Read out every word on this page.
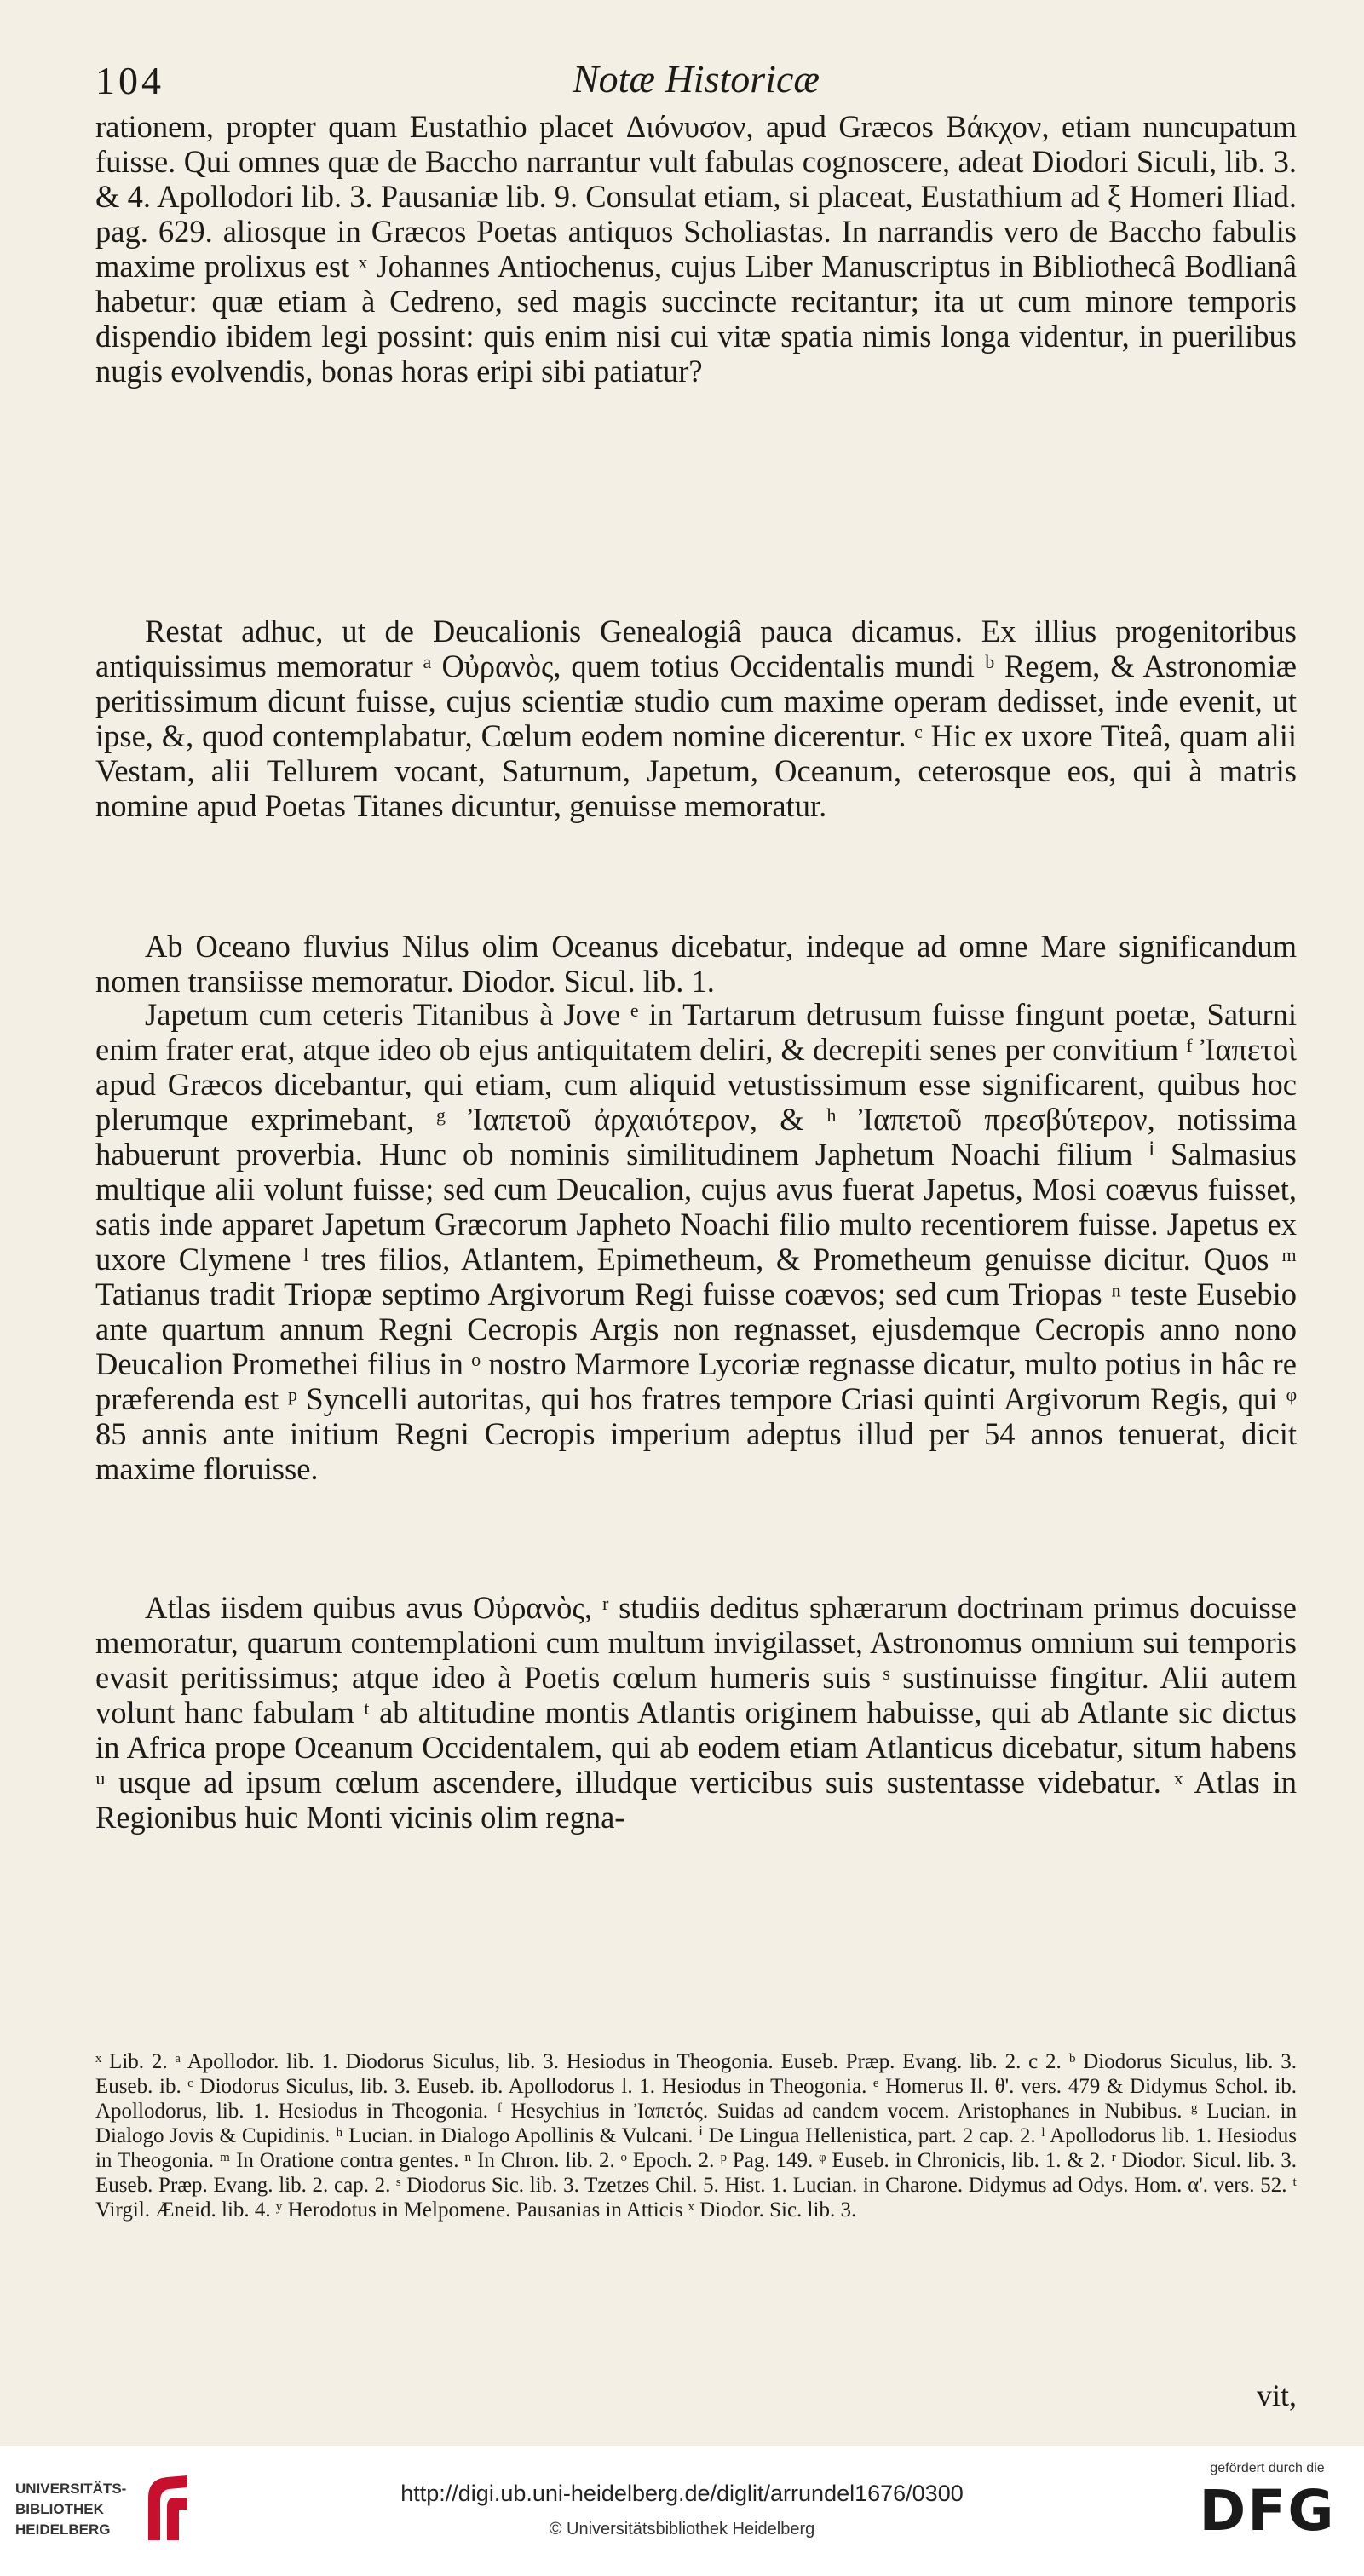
104	Notæ Historicæ

rationem, propter quam Eustathio placet Διόνυσον, apud Græcos Βάκχον, etiam nuncupatum fuisse. Qui omnes quæ de Baccho narrantur vult fabulas cognoscere, adeat Diodori Siculi, lib. 3. & 4. Apollodori lib. 3. Pausaniæ lib. 9. Consulat etiam, si placeat, Eustathium ad ξ Homeri Iliad. pag. 629. aliosque in Græcos Poetas antiquos Scholiastas. In narrandis vero de Baccho fabulis maxime prolixus est ˣ Johannes Antiochenus, cujus Liber Manuscriptus in Bibliothecâ Bodlianâ habetur: quæ etiam à Cedreno, sed magis succincte recitantur; ita ut cum minore temporis dispendio ibidem legi possint: quis enim nisi cui vitæ spatia nimis longa videntur, in puerilibus nugis evolvendis, bonas horas eripi sibi patiatur?

Restat adhuc, ut de Deucalionis Genealogiâ pauca dicamus. Ex illius progenitoribus antiquissimus memoratur ᵃ Οὐρανὸς, quem totius Occidentalis mundi ᵇ Regem, & Astronomiæ peritissimum dicunt fuisse, cujus scientiæ studio cum maxime operam dedisset, inde evenit, ut ipse, &, quod contemplabatur, Cœlum eodem nomine dicerentur. ᶜ Hic ex uxore Titeâ, quam alii Vestam, alii Tellurem vocant, Saturnum, Japetum, Oceanum, ceterosque eos, qui à matris nomine apud Poetas Titanes dicuntur, genuisse memoratur.

Ab Oceano fluvius Nilus olim Oceanus dicebatur, indeque ad omne Mare significandum nomen transiisse memoratur. Diodor. Sicul. lib. 1.

Japetum cum ceteris Titanibus à Jove ᵉ in Tartarum detrusum fuisse fingunt poetæ, Saturni enim frater erat, atque ideo ob ejus antiquitatem deliri, & decrepiti senes per convitium ᶠ Ἰαπετοὶ apud Græcos dicebantur, qui etiam, cum aliquid vetustissimum esse significarent, quibus hoc plerumque exprimebant, ᵍ Ἰαπετοῦ ἀρχαιότερον, & ʰ Ἰαπετοῦ πρεσβύτερον, notissima habuerunt proverbia. Hunc ob nominis similitudinem Japhetum Noachi filium ⁱ Salmasius multique alii volunt fuisse; sed cum Deucalion, cujus avus fuerat Japetus, Mosi coævus fuisset, satis inde apparet Japetum Græcorum Japheto Noachi filio multo recentiorem fuisse. Japetus ex uxore Clymene ˡ tres filios, Atlantem, Epimetheum, & Prometheum genuisse dicitur. Quos ᵐ Tatianus tradit Triopæ septimo Argivorum Regi fuisse coævos; sed cum Triopas ⁿ teste Eusebio ante quartum annum Regni Cecropis Argis non regnasset, ejusdemque Cecropis anno nono Deucalion Promethei filius in ᵒ nostro Marmore Lycoriæ regnasse dicatur, multo potius in hâc re præferenda est ᵖ Syncelli autoritas, qui hos fratres tempore Criasi quinti Argivorum Regis, qui ᵠ 85 annis ante initium Regni Cecropis imperium adeptus illud per 54 annos tenuerat, dicit maxime floruisse.

Atlas iisdem quibus avus Οὐρανὸς, ʳ studiis deditus sphærarum doctrinam primus docuisse memoratur, quarum contemplationi cum multum invigilasset, Astronomus omnium sui temporis evasit peritissimus; atque ideo à Poetis cœlum humeris suis ˢ sustinuisse fingitur. Alii autem volunt hanc fabulam ᵗ ab altitudine montis Atlantis originem habuisse, qui ab Atlante sic dictus in Africa prope Oceanum Occidentalem, qui ab eodem etiam Atlanticus dicebatur, situm habens ᵘ usque ad ipsum cœlum ascendere, illudque verticibus suis sustentasse videbatur. ˣ Atlas in Regionibus huic Monti vicinis olim regna-

ˣ Lib. 2. ᵃ Apollodor. lib. 1. Diodorus Siculus, lib. 3. Hesiodus in Theogonia. Euseb. Præp. Evang. lib. 2. c 2. ᵇ Diodorus Siculus, lib. 3. Euseb. ib. ᶜ Diodorus Siculus, lib. 3. Euseb. ib. Apollodorus l. 1. Hesiodus in Theogonia. ᵉ Homerus Il. θ'. vers. 479 & Didymus Schol. ib. Apollodorus, lib. 1. Hesiodus in Theogonia. ᶠ Hesychius in Ἰαπετός. Suidas ad eandem vocem. Aristophanes in Nubibus. ᵍ Lucian. in Dialogo Jovis & Cupidinis. ʰ Lucian. in Dialogo Apollinis & Vulcani. ⁱ De Lingua Hellenistica, part. 2 cap. 2. ˡ Apollodorus lib. 1. Hesiodus in Theogonia. ᵐ In Oratione contra gentes. ⁿ In Chron. lib. 2. ᵒ Epoch. 2. ᵖ Pag. 149. ᵠ Euseb. in Chronicis, lib. 1. & 2. ʳ Diodor. Sicul. lib. 3. Euseb. Præp. Evang. lib. 2. cap. 2. ˢ Diodorus Sic. lib. 3. Tzetzes Chil. 5. Hist. 1. Lucian. in Charone. Didymus ad Odys. Hom. α'. vers. 52. ᵗ Virgil. Æneid. lib. 4. ʸ Herodotus in Melpomene. Pausanias in Atticis ˣ Diodor. Sic. lib. 3.

vit,
UNIVERSITÄTS-
BIBLIOTHEK
HEIDELBERG
http://digi.ub.uni-heidelberg.de/diglit/arrundel1676/0300
© Universitätsbibliothek Heidelberg
gefördert durch die
DFG
